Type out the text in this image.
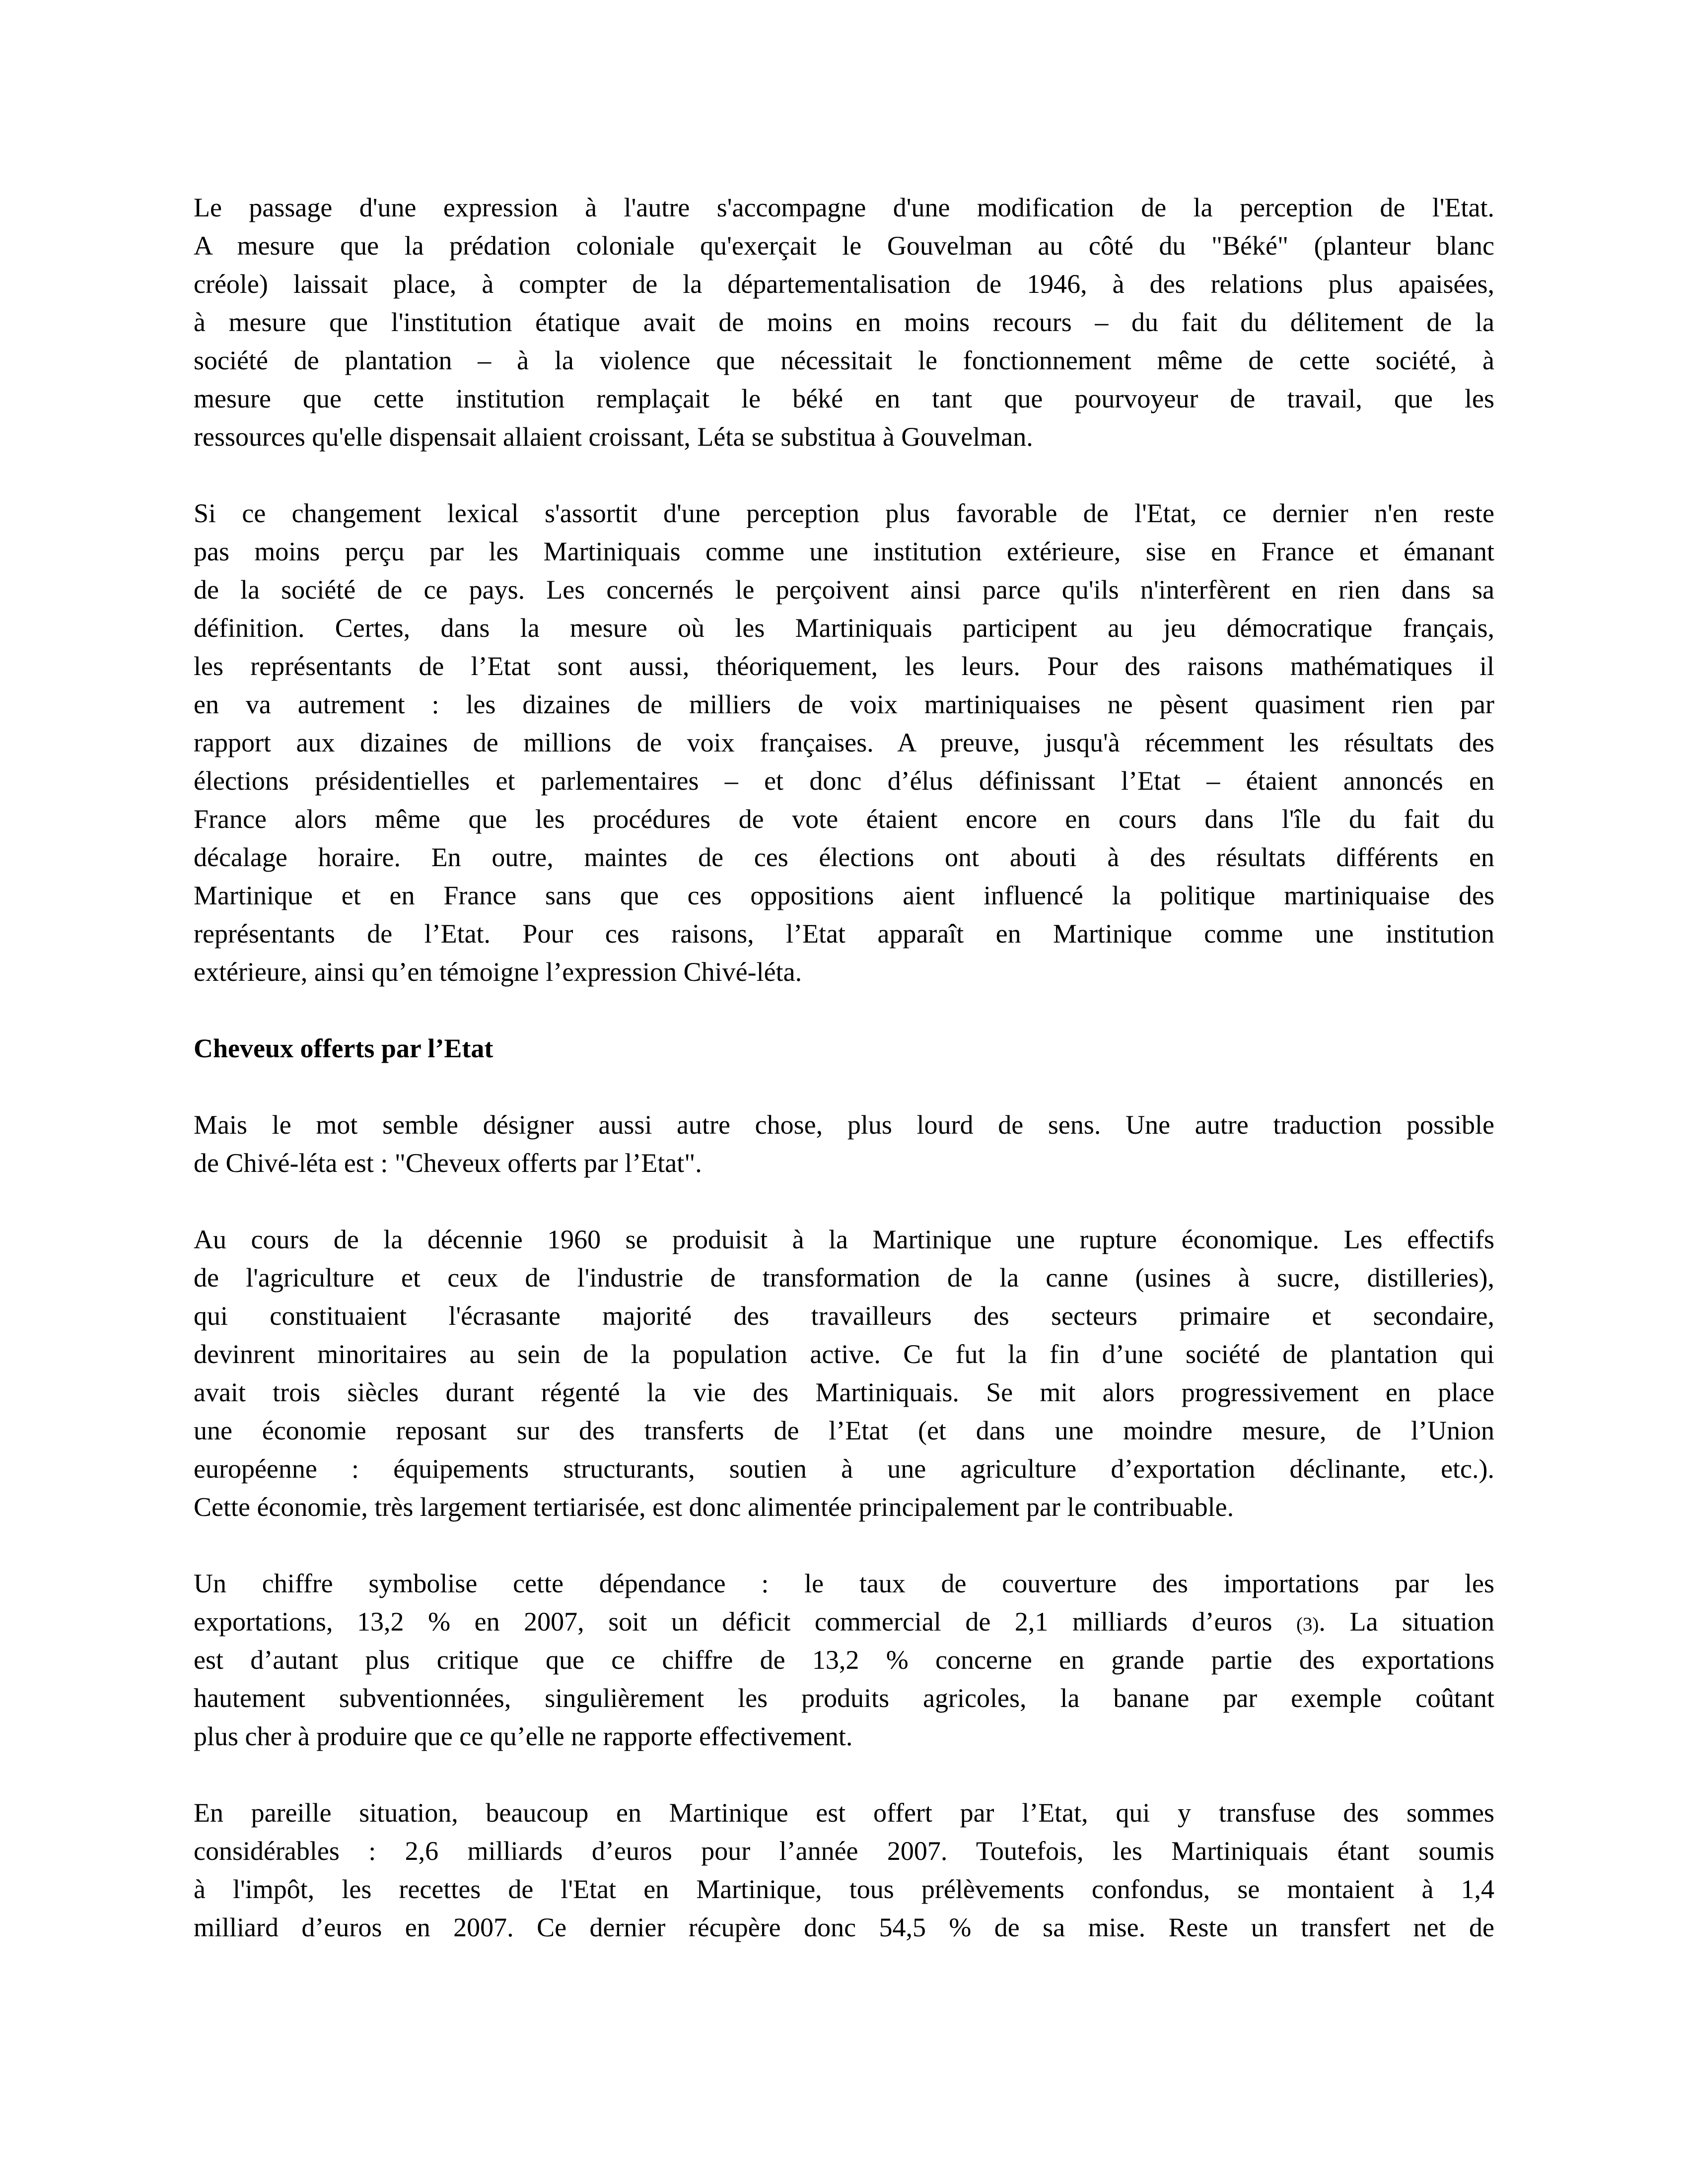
Le passage d'une expression à l'autre s'accompagne d'une modification de la perception de l'Etat.
A mesure que la prédation coloniale qu'exerçait le Gouvelman au côté du "Béké" (planteur blanc
créole) laissait place, à compter de la départementalisation de 1946, à des relations plus apaisées,
à mesure que l'institution étatique avait de moins en moins recours – du fait du délitement de la
société de plantation – à la violence que nécessitait le fonctionnement même de cette société, à
mesure que cette institution remplaçait le béké en tant que pourvoyeur de travail, que les
ressources qu'elle dispensait allaient croissant, Léta se substitua à Gouvelman.
Si ce changement lexical s'assortit d'une perception plus favorable de l'Etat, ce dernier n'en reste
pas moins perçu par les Martiniquais comme une institution extérieure, sise en France et émanant
de la société de ce pays. Les concernés le perçoivent ainsi parce qu'ils n'interfèrent en rien dans sa
définition. Certes, dans la mesure où les Martiniquais participent au jeu démocratique français,
les représentants de l’Etat sont aussi, théoriquement, les leurs. Pour des raisons mathématiques il
en va autrement : les dizaines de milliers de voix martiniquaises ne pèsent quasiment rien par
rapport aux dizaines de millions de voix françaises. A preuve, jusqu'à récemment les résultats des
élections présidentielles et parlementaires – et donc d’élus définissant l’Etat – étaient annoncés en
France alors même que les procédures de vote étaient encore en cours dans l'île du fait du
décalage horaire. En outre, maintes de ces élections ont abouti à des résultats différents en
Martinique et en France sans que ces oppositions aient influencé la politique martiniquaise des
représentants de l’Etat. Pour ces raisons, l’Etat apparaît en Martinique comme une institution
extérieure, ainsi qu’en témoigne l’expression Chivé-léta.
Cheveux offerts par l’Etat
Mais le mot semble désigner aussi autre chose, plus lourd de sens. Une autre traduction possible
de Chivé-léta est : "Cheveux offerts par l’Etat".
Au cours de la décennie 1960 se produisit à la Martinique une rupture économique. Les effectifs
de l'agriculture et ceux de l'industrie de transformation de la canne (usines à sucre, distilleries),
qui constituaient l'écrasante majorité des travailleurs des secteurs primaire et secondaire,
devinrent minoritaires au sein de la population active. Ce fut la fin d’une société de plantation qui
avait trois siècles durant régenté la vie des Martiniquais. Se mit alors progressivement en place
une économie reposant sur des transferts de l’Etat (et dans une moindre mesure, de l’Union
européenne : équipements structurants, soutien à une agriculture d’exportation déclinante, etc.).
Cette économie, très largement tertiarisée, est donc alimentée principalement par le contribuable.
Un chiffre symbolise cette dépendance : le taux de couverture des importations par les
exportations, 13,2 % en 2007, soit un déficit commercial de 2,1 milliards d’euros (3). La situation
est d’autant plus critique que ce chiffre de 13,2 % concerne en grande partie des exportations
hautement subventionnées, singulièrement les produits agricoles, la banane par exemple coûtant
plus cher à produire que ce qu’elle ne rapporte effectivement.
En pareille situation, beaucoup en Martinique est offert par l’Etat, qui y transfuse des sommes
considérables : 2,6 milliards d’euros pour l’année 2007. Toutefois, les Martiniquais étant soumis
à l'impôt, les recettes de l'Etat en Martinique, tous prélèvements confondus, se montaient à 1,4
milliard d’euros en 2007. Ce dernier récupère donc 54,5 % de sa mise. Reste un transfert net de
